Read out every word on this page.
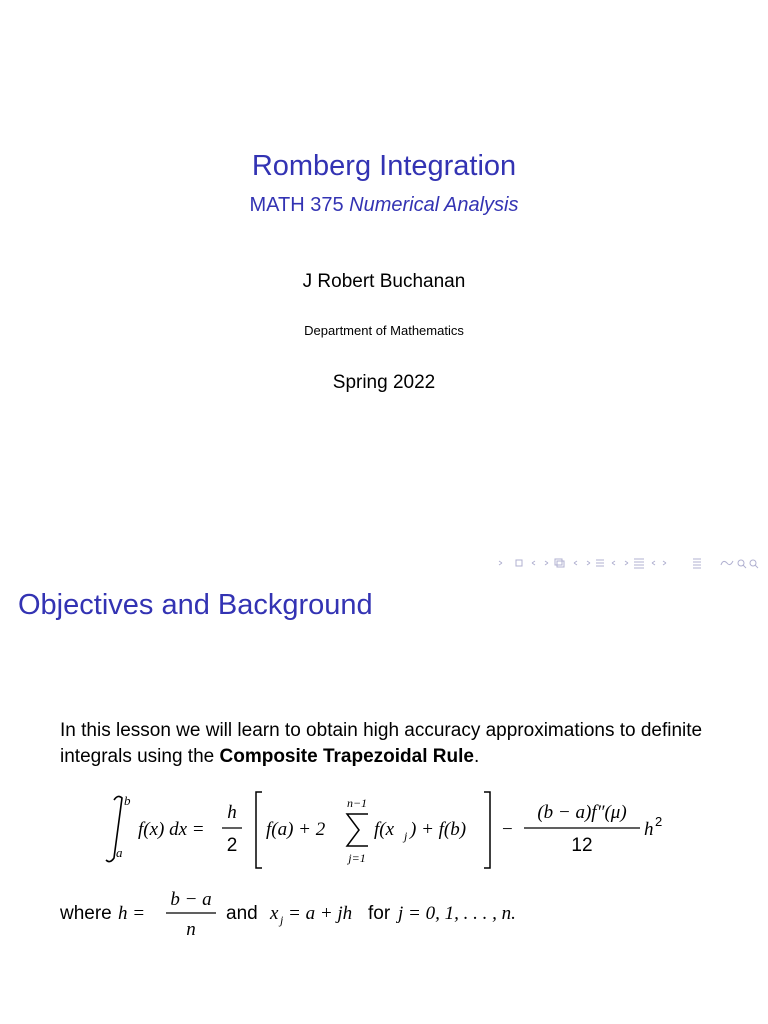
Romberg Integration
MATH 375 Numerical Analysis
J Robert Buchanan
Department of Mathematics
Spring 2022
Objectives and Background
In this lesson we will learn to obtain high accuracy approximations to definite integrals using the Composite Trapezoidal Rule.
b
a
f(x) dx =
h
2
f(a) + 2
n−1
j=1
f(x j ) + f(b) −
(b − a)f″(μ)
12
h 2
where h =
b − a
n
and x j = a + jh for j = 0, 1, . . . , n.
